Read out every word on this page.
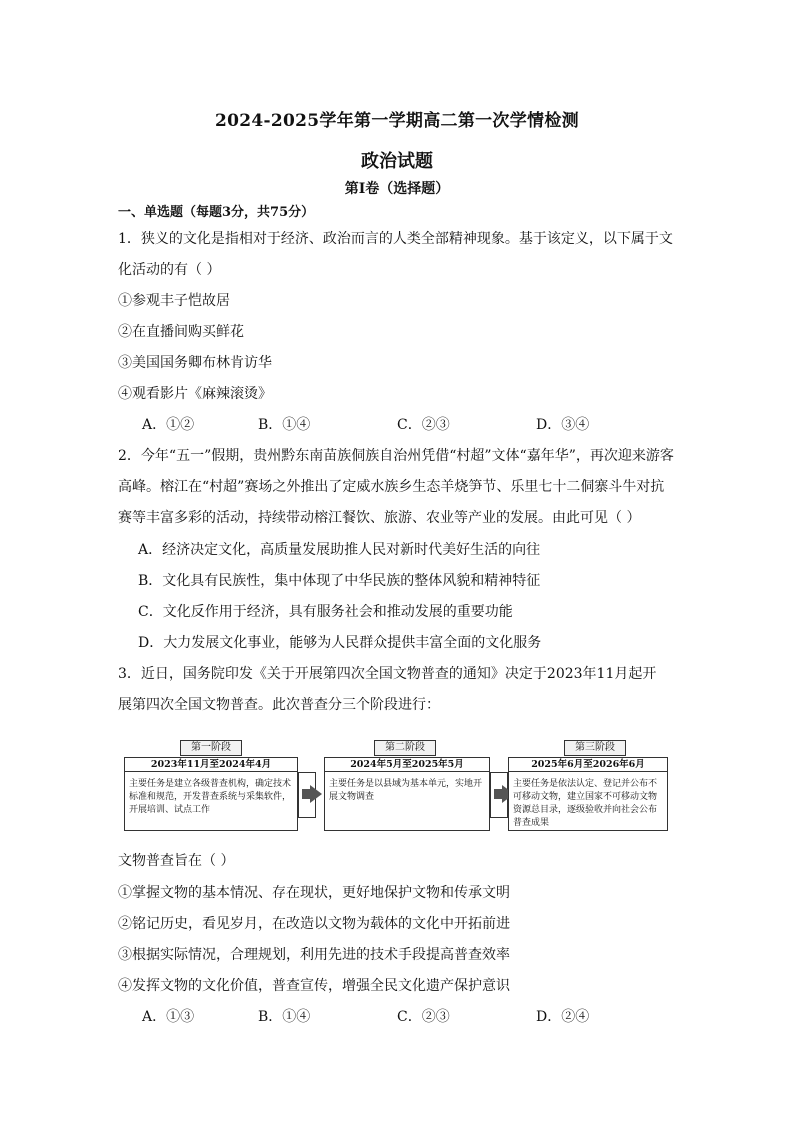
2024-2025学年第一学期高二第一次学情检测
政治试题
第Ⅰ卷（选择题）
一、单选题（每题3分，共75分）
1．狭义的文化是指相对于经济、政治而言的人类全部精神现象。基于该定义，以下属于文
化活动的有（ ）
①参观丰子恺故居
②在直播间购买鲜花
③美国国务卿布林肯访华
④观看影片《麻辣滚烫》
A．①②	B．①④	C．②③	D．③④
2．今年“五一”假期，贵州黔东南苗族侗族自治州凭借“村超”文体“嘉年华”，再次迎来游客
高峰。榕江在“村超”赛场之外推出了定威水族乡生态羊烧笋节、乐里七十二侗寨斗牛对抗
赛等丰富多彩的活动，持续带动榕江餐饮、旅游、农业等产业的发展。由此可见（ ）
A．经济决定文化，高质量发展助推人民对新时代美好生活的向往
B．文化具有民族性，集中体现了中华民族的整体风貌和精神特征
C．文化反作用于经济，具有服务社会和推动发展的重要功能
D．大力发展文化事业，能够为人民群众提供丰富全面的文化服务
3．近日，国务院印发《关于开展第四次全国文物普查的通知》决定于2023年11月起开
展第四次全国文物普查。此次普查分三个阶段进行：
第一阶段
2023年11月至2024年4月
主要任务是建立各级普查机构，确定技术标准和规范，开发普查系统与采集软件，开展培训、试点工作
第二阶段
2024年5月至2025年5月
主要任务是以县域为基本单元，实地开展文物调查
第三阶段
2025年6月至2026年6月
主要任务是依法认定、登记并公布不可移动文物，建立国家不可移动文物资源总目录，逐级验收并向社会公布普查成果
文物普查旨在（ ）
①掌握文物的基本情况、存在现状，更好地保护文物和传承文明
②铭记历史，看见岁月，在改造以文物为载体的文化中开拓前进
③根据实际情况，合理规划，利用先进的技术手段提高普查效率
④发挥文物的文化价值，普查宣传，增强全民文化遗产保护意识
A．①③	B．①④	C．②③	D．②④
